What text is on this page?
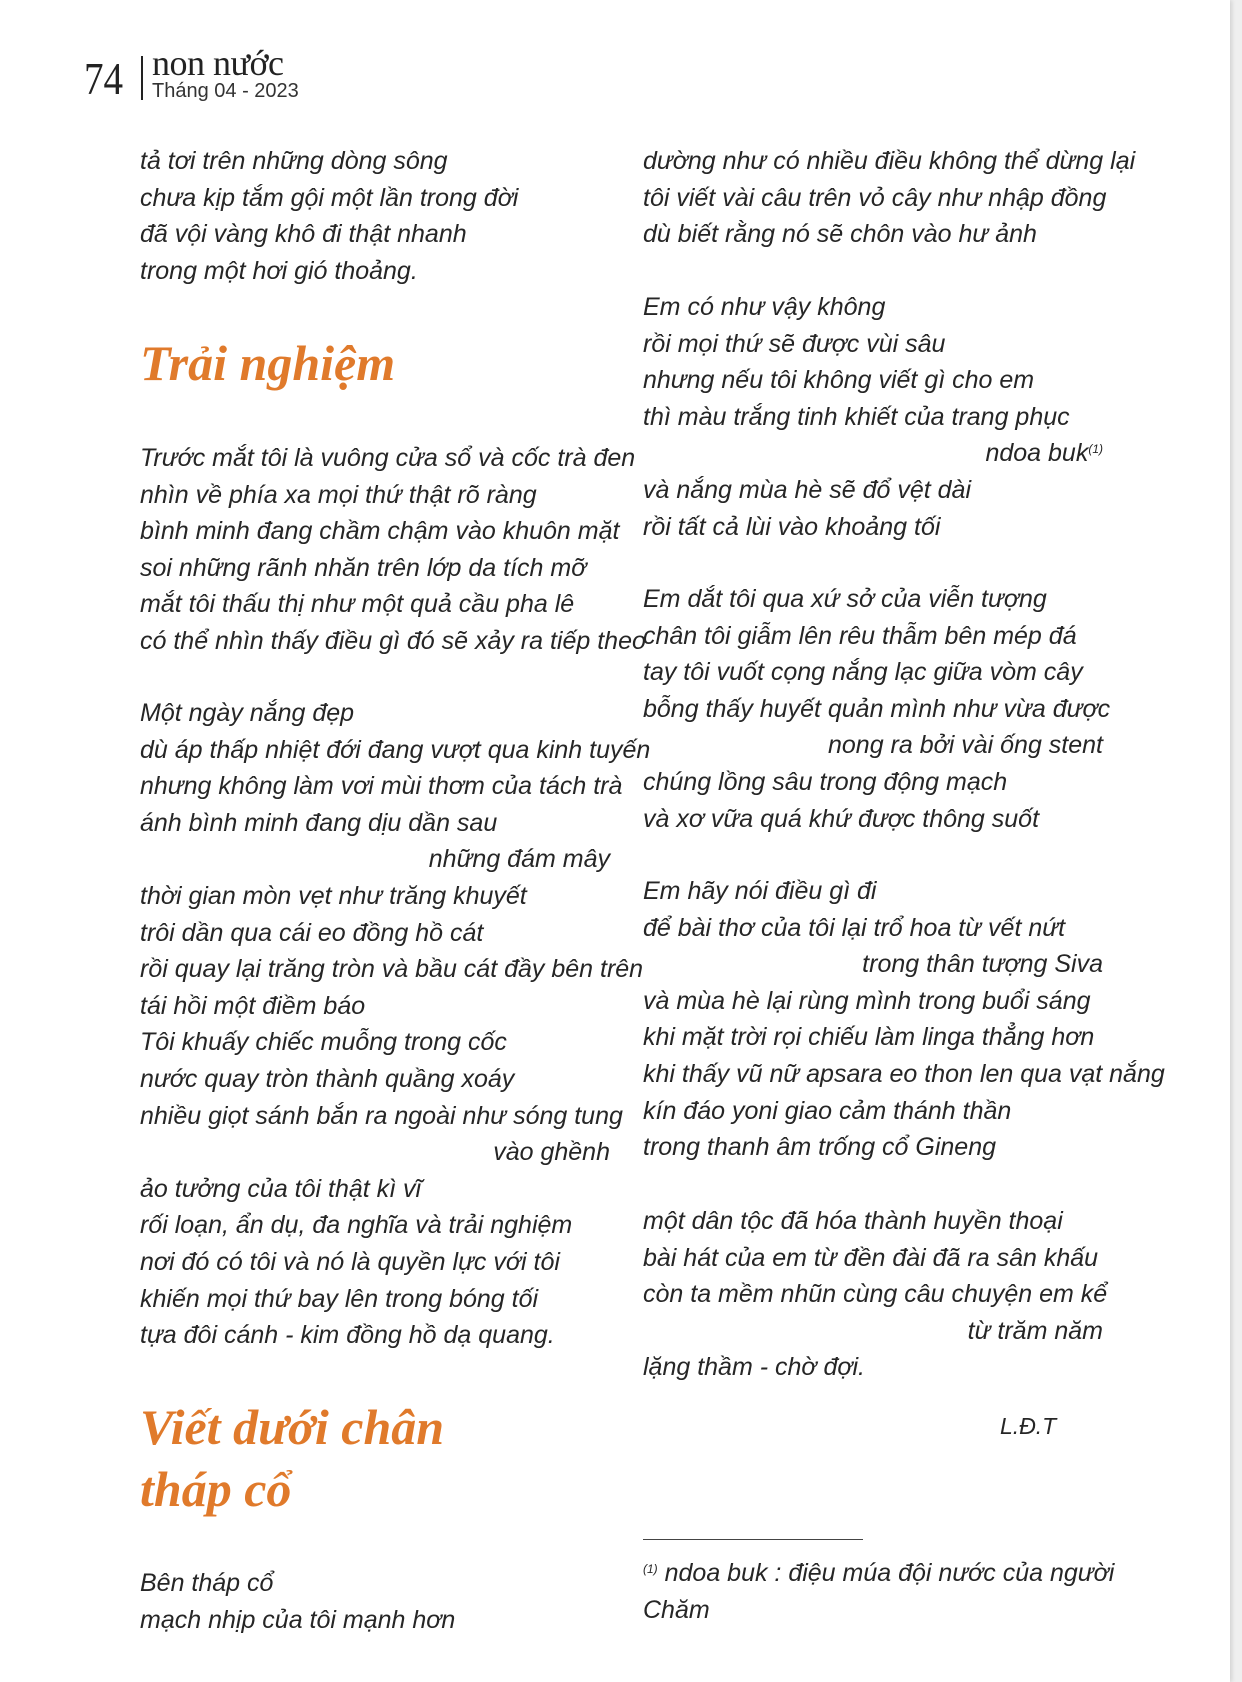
74 non nước
Tháng 04 - 2023
tả tơi trên những dòng sông
chưa kịp tắm gội một lần trong đời
đã vội vàng khô đi thật nhanh
trong một hơi gió thoảng.
Trải nghiệm
Trước mắt tôi là vuông cửa sổ và cốc trà đen
nhìn về phía xa mọi thứ thật rõ ràng
bình minh đang chầm chậm vào khuôn mặt
soi những rãnh nhăn trên lớp da tích mỡ
mắt tôi thấu thị như một quả cầu pha lê
có thể nhìn thấy điều gì đó sẽ xảy ra tiếp theo
Một ngày nắng đẹp
dù áp thấp nhiệt đới đang vượt qua kinh tuyến
nhưng không làm vơi mùi thơm của tách trà
ánh bình minh đang dịu dần sau
những đám mây
thời gian mòn vẹt như trăng khuyết
trôi dần qua cái eo đồng hồ cát
rồi quay lại trăng tròn và bầu cát đầy bên trên
tái hồi một điềm báo
Tôi khuấy chiếc muỗng trong cốc
nước quay tròn thành quầng xoáy
nhiều giọt sánh bắn ra ngoài như sóng tung
vào ghềnh
ảo tưởng của tôi thật kì vĩ
rối loạn, ẩn dụ, đa nghĩa và trải nghiệm
nơi đó có tôi và nó là quyền lực với tôi
khiến mọi thứ bay lên trong bóng tối
tựa đôi cánh - kim đồng hồ dạ quang.
Viết dưới chân
tháp cổ
Bên tháp cổ
mạch nhịp của tôi mạnh hơn
dường như có nhiều điều không thể dừng lại
tôi viết vài câu trên vỏ cây như nhập đồng
dù biết rằng nó sẽ chôn vào hư ảnh
Em có như vậy không
rồi mọi thứ sẽ được vùi sâu
nhưng nếu tôi không viết gì cho em
thì màu trắng tinh khiết của trang phục
ndoa buk$^{(1)}$
và nắng mùa hè sẽ đổ vệt dài
rồi tất cả lùi vào khoảng tối
Em dắt tôi qua xứ sở của viễn tượng
chân tôi giẫm lên rêu thẫm bên mép đá
tay tôi vuốt cọng nắng lạc giữa vòm cây
bỗng thấy huyết quản mình như vừa được
nong ra bởi vài ống stent
chúng lồng sâu trong động mạch
và xơ vữa quá khứ được thông suốt
Em hãy nói điều gì đi
để bài thơ của tôi lại trổ hoa từ vết nứt
trong thân tượng Siva
và mùa hè lại rùng mình trong buổi sáng
khi mặt trời rọi chiếu làm linga thẳng hơn
khi thấy vũ nữ apsara eo thon len qua vạt nắng
kín đáo yoni giao cảm thánh thần
trong thanh âm trống cổ Gineng
một dân tộc đã hóa thành huyền thoại
bài hát của em từ đền đài đã ra sân khấu
còn ta mềm nhũn cùng câu chuyện em kể
từ trăm năm
lặng thầm - chờ đợi.
L.Đ.T
$^{(1)}$ ndoa buk : điệu múa đội nước của người
Chăm
